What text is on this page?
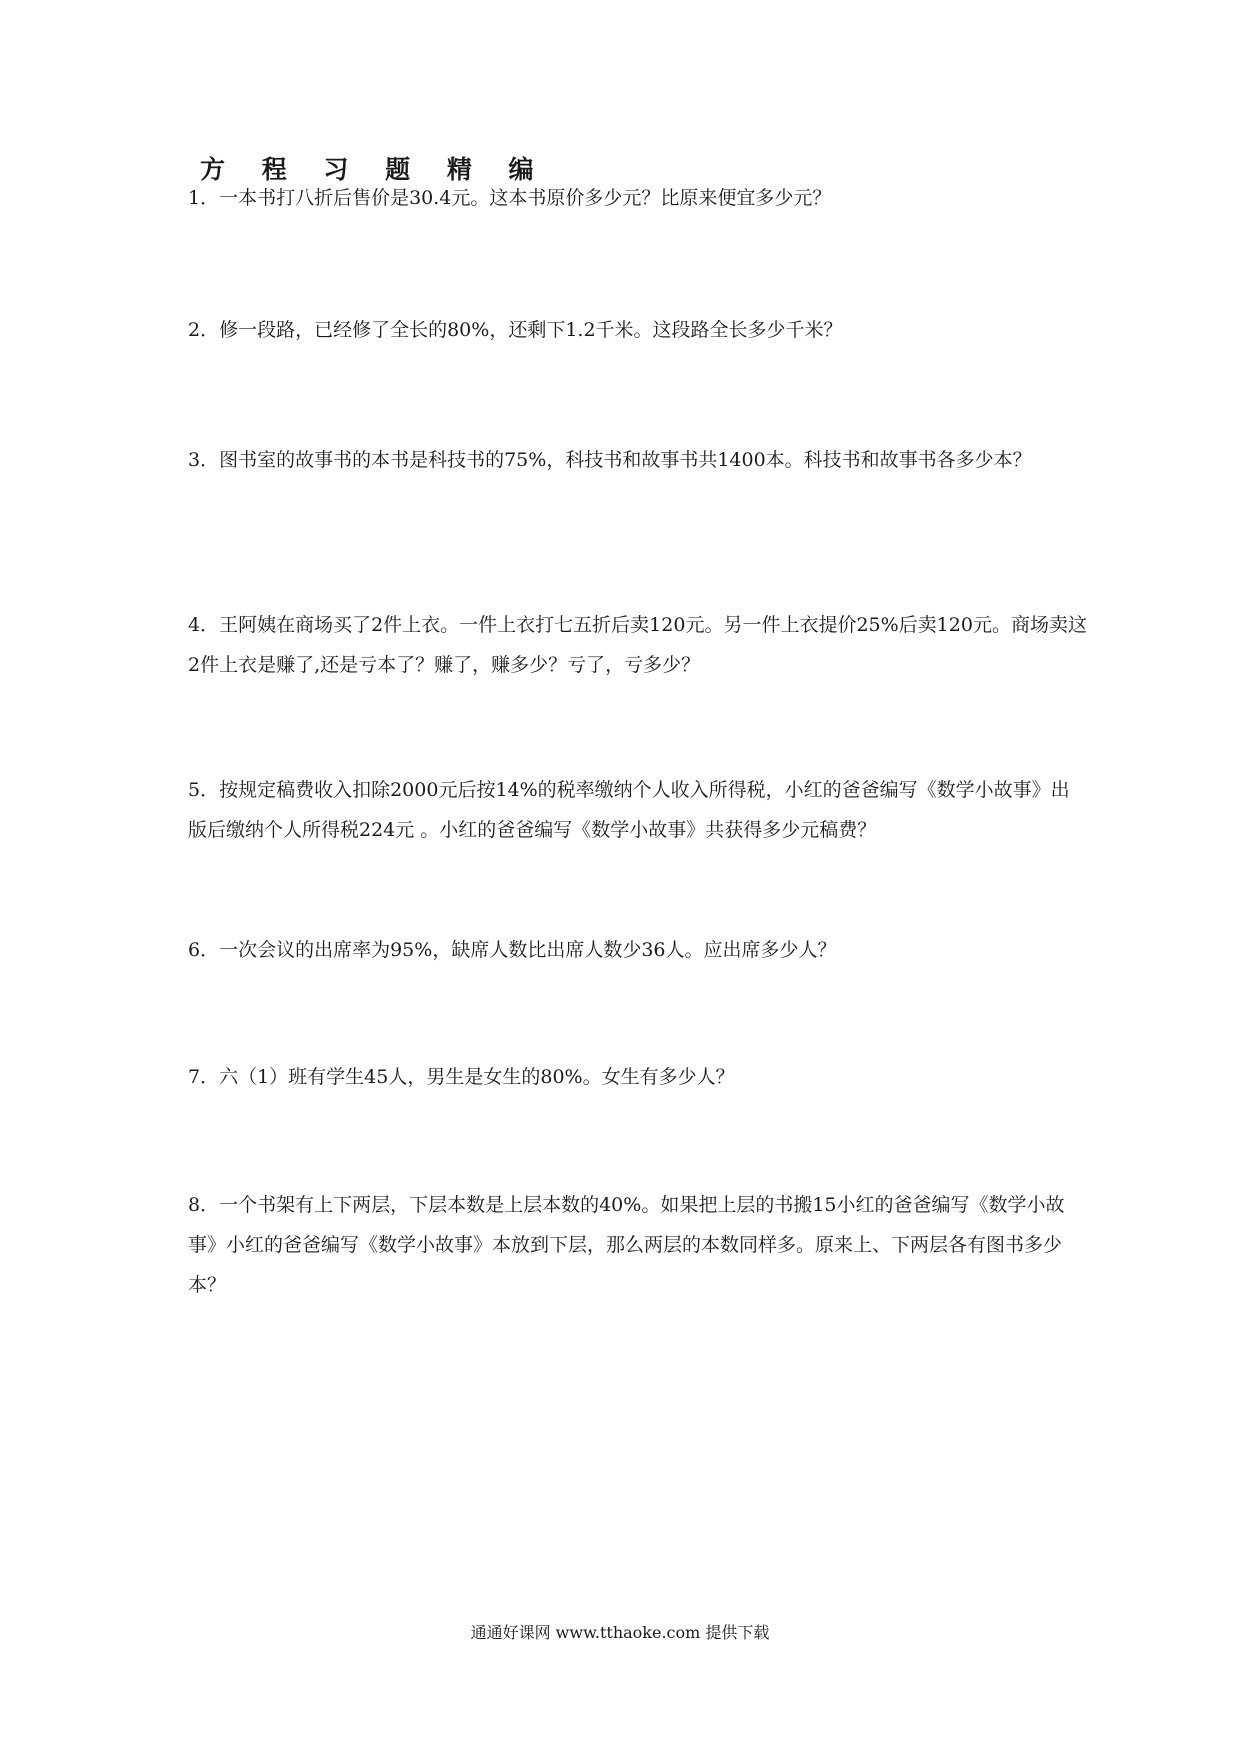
方 程 习 题 精 编

1．一本书打八折后售价是30.4元。这本书原价多少元？比原来便宜多少元？

2．修一段路，已经修了全长的80%，还剩下1.2千米。这段路全长多少千米？

3．图书室的故事书的本书是科技书的75%，科技书和故事书共1400本。科技书和故事书各多少本？

4．王阿姨在商场买了2件上衣。一件上衣打七五折后卖120元。另一件上衣提价25%后卖120元。商场卖这2件上衣是赚了,还是亏本了？赚了，赚多少？亏了，亏多少？

5．按规定稿费收入扣除2000元后按14%的税率缴纳个人收入所得税，小红的爸爸编写《数学小故事》出版后缴纳个人所得税224元 。小红的爸爸编写《数学小故事》共获得多少元稿费？

6．一次会议的出席率为95%，缺席人数比出席人数少36人。应出席多少人？

7．六（1）班有学生45人，男生是女生的80%。女生有多少人？

8．一个书架有上下两层，下层本数是上层本数的40%。如果把上层的书搬15小红的爸爸编写《数学小故事》小红的爸爸编写《数学小故事》本放到下层，那么两层的本数同样多。原来上、下两层各有图书多少本？

通通好课网 www.tthaoke.com 提供下载
